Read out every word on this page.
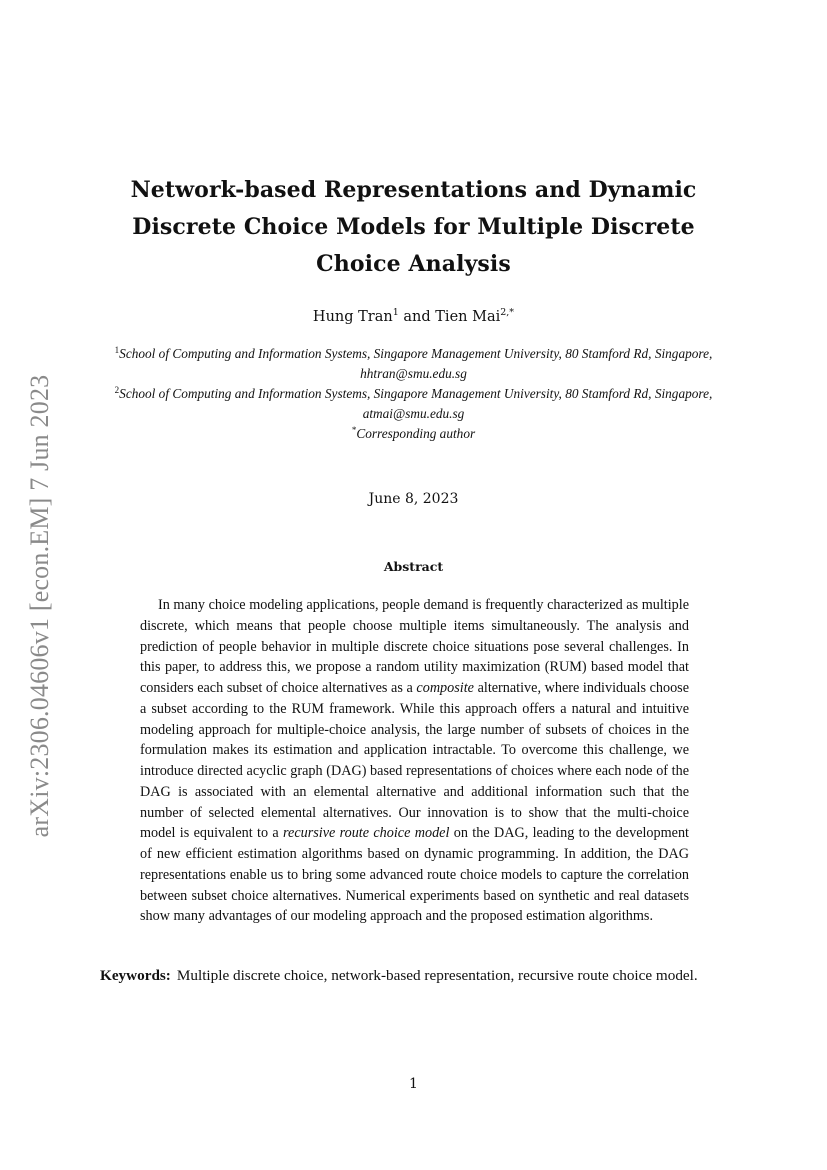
arXiv:2306.04606v1 [econ.EM] 7 Jun 2023
Network-based Representations and Dynamic Discrete Choice Models for Multiple Discrete Choice Analysis
Hung Tran$^1$ and Tien Mai$^{2,*}$
$^1$School of Computing and Information Systems, Singapore Management University, 80 Stamford Rd, Singapore, hhtran@smu.edu.sg
$^2$School of Computing and Information Systems, Singapore Management University, 80 Stamford Rd, Singapore, atmai@smu.edu.sg
*Corresponding author
June 8, 2023
Abstract

In many choice modeling applications, people demand is frequently characterized as multiple discrete, which means that people choose multiple items simultaneously. The analysis and prediction of people behavior in multiple discrete choice situations pose several challenges. In this paper, to address this, we propose a random utility maximization (RUM) based model that considers each subset of choice alternatives as a composite alternative, where individuals choose a subset according to the RUM framework. While this approach offers a natural and intuitive modeling approach for multiple-choice analysis, the large number of subsets of choices in the formulation makes its estimation and application intractable. To overcome this challenge, we introduce directed acyclic graph (DAG) based representations of choices where each node of the DAG is associated with an elemental alternative and additional information such that the number of selected elemental alternatives. Our innovation is to show that the multi-choice model is equivalent to a recursive route choice model on the DAG, leading to the development of new efficient estimation algorithms based on dynamic programming. In addition, the DAG representations enable us to bring some advanced route choice models to capture the correlation between subset choice alternatives. Numerical experiments based on synthetic and real datasets show many advantages of our modeling approach and the proposed estimation algorithms.

Keywords: Multiple discrete choice, network-based representation, recursive route choice model.

1
